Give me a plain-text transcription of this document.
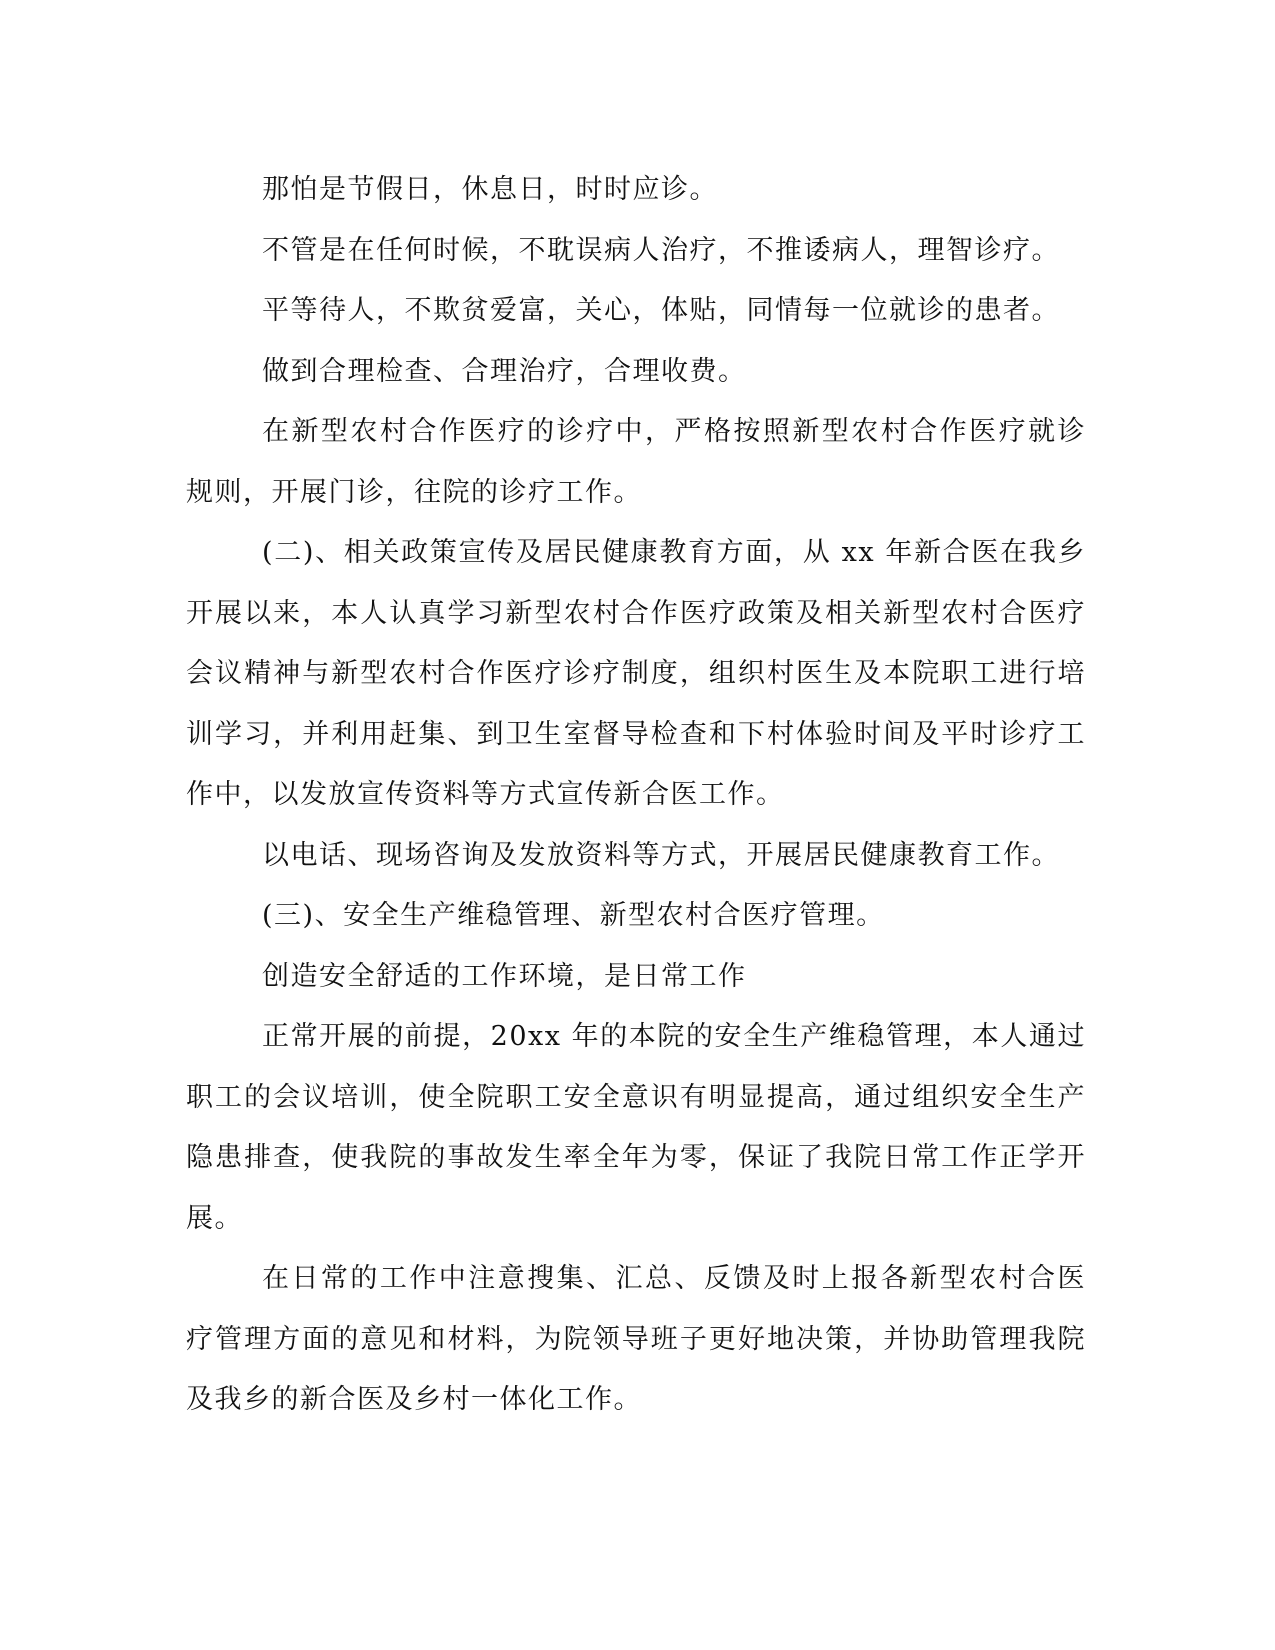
那怕是节假日，休息日，时时应诊。

不管是在任何时候，不耽误病人治疗，不推诿病人，理智诊疗。

平等待人，不欺贫爱富，关心，体贴，同情每一位就诊的患者。

做到合理检查、合理治疗，合理收费。

在新型农村合作医疗的诊疗中，严格按照新型农村合作医疗就诊规则，开展门诊，往院的诊疗工作。

(二)、相关政策宣传及居民健康教育方面，从 xx 年新合医在我乡开展以来，本人认真学习新型农村合作医疗政策及相关新型农村合医疗会议精神与新型农村合作医疗诊疗制度，组织村医生及本院职工进行培训学习，并利用赶集、到卫生室督导检查和下村体验时间及平时诊疗工作中，以发放宣传资料等方式宣传新合医工作。

以电话、现场咨询及发放资料等方式，开展居民健康教育工作。

(三)、安全生产维稳管理、新型农村合医疗管理。

创造安全舒适的工作环境，是日常工作

正常开展的前提，20xx 年的本院的安全生产维稳管理，本人通过职工的会议培训，使全院职工安全意识有明显提高，通过组织安全生产隐患排查，使我院的事故发生率全年为零，保证了我院日常工作正学开展。

在日常的工作中注意搜集、汇总、反馈及时上报各新型农村合医疗管理方面的意见和材料，为院领导班子更好地决策，并协助管理我院及我乡的新合医及乡村一体化工作。
